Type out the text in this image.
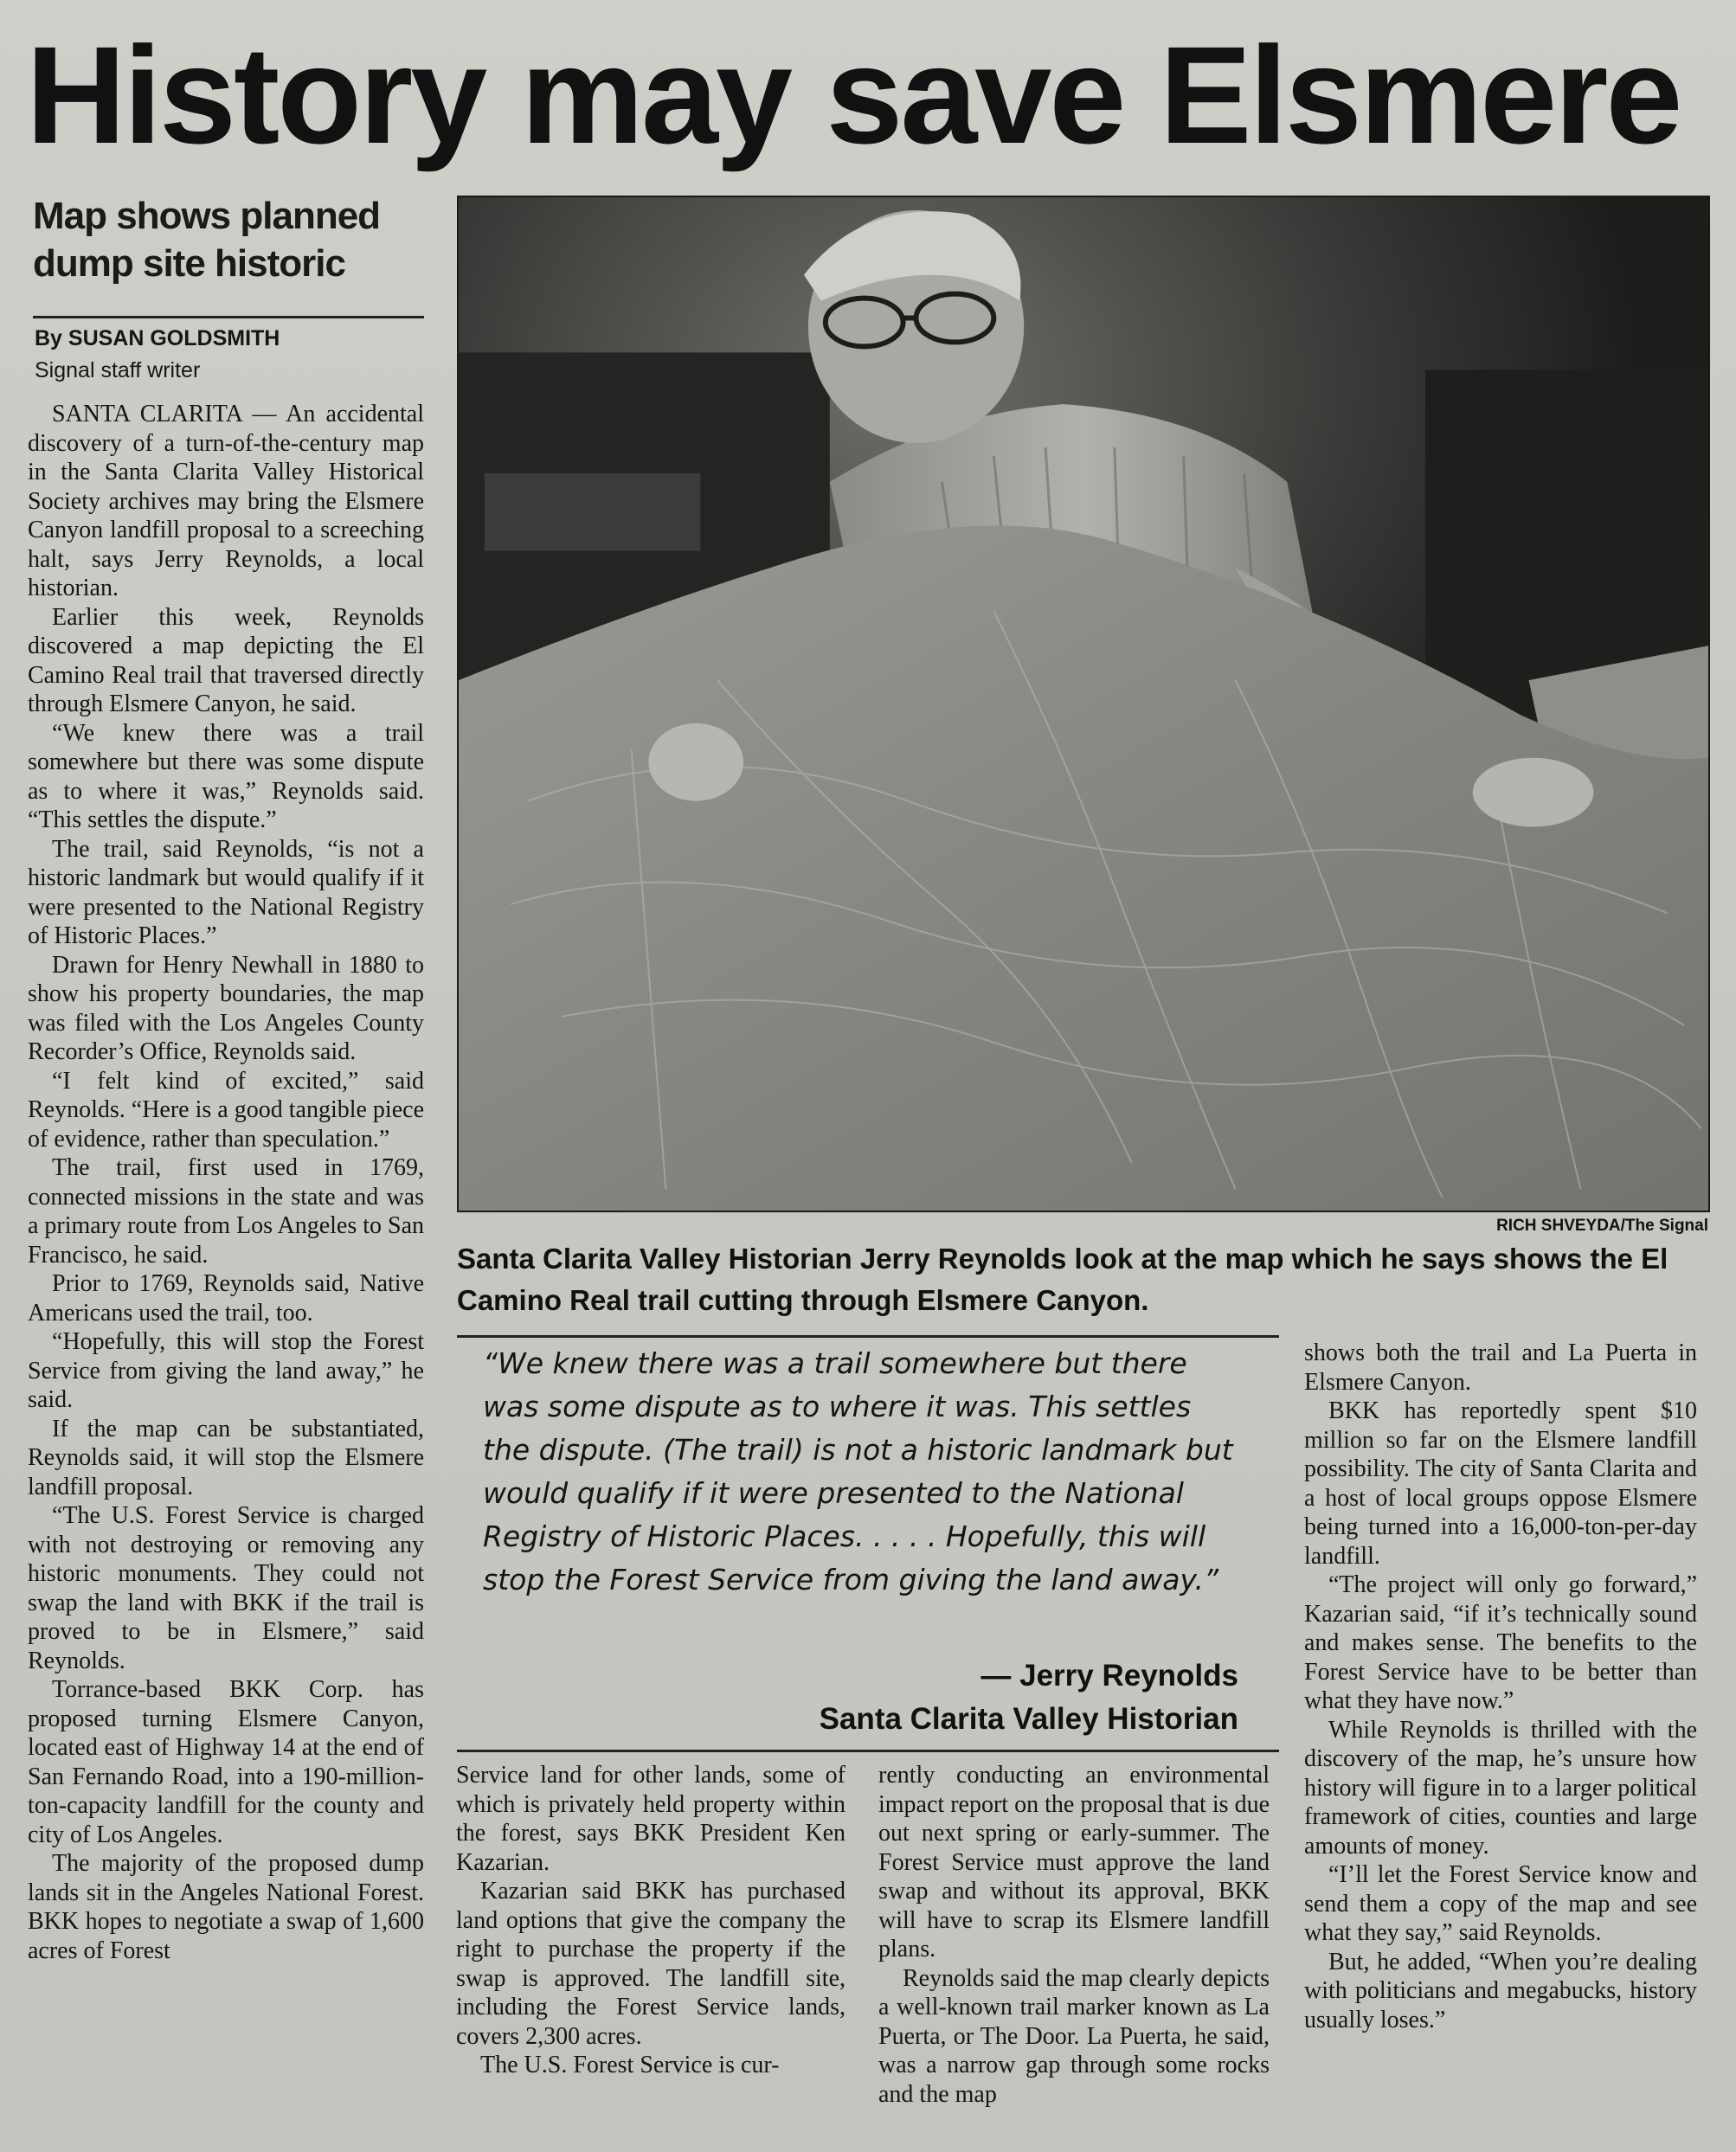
History may save Elsmere
Map shows planned dump site historic
By SUSAN GOLDSMITH
Signal staff writer

SANTA CLARITA — An accidental discovery of a turn-of-the-century map in the Santa Clarita Valley Historical Society archives may bring the Elsmere Canyon landfill proposal to a screeching halt, says Jerry Reynolds, a local historian.

Earlier this week, Reynolds discovered a map depicting the El Camino Real trail that traversed directly through Elsmere Canyon, he said.

“We knew there was a trail somewhere but there was some dispute as to where it was,” Reynolds said. “This settles the dispute.”

The trail, said Reynolds, “is not a historic landmark but would qualify if it were presented to the National Registry of Historic Places.”

Drawn for Henry Newhall in 1880 to show his property boundaries, the map was filed with the Los Angeles County Recorder’s Office, Reynolds said.

“I felt kind of excited,” said Reynolds. “Here is a good tangible piece of evidence, rather than speculation.”

The trail, first used in 1769, connected missions in the state and was a primary route from Los Angeles to San Francisco, he said.

Prior to 1769, Reynolds said, Native Americans used the trail, too.

“Hopefully, this will stop the Forest Service from giving the land away,” he said.

If the map can be substantiated, Reynolds said, it will stop the Elsmere landfill proposal.

“The U.S. Forest Service is charged with not destroying or removing any historic monuments. They could not swap the land with BKK if the trail is proved to be in Elsmere,” said Reynolds.

Torrance-based BKK Corp. has proposed turning Elsmere Canyon, located east of Highway 14 at the end of San Fernando Road, into a 190-million-ton-capacity landfill for the county and city of Los Angeles.

The majority of the proposed dump lands sit in the Angeles National Forest. BKK hopes to negotiate a swap of 1,600 acres of Forest

RICH SHVEYDA/The Signal

Santa Clarita Valley Historian Jerry Reynolds look at the map which he says shows the El Camino Real trail cutting through Elsmere Canyon.

“We knew there was a trail somewhere but there was some dispute as to where it was. This settles the dispute. (The trail) is not a historic landmark but would qualify if it were presented to the National Registry of Historic Places. . . . . Hopefully, this will stop the Forest Service from giving the land away.”

— Jerry Reynolds
Santa Clarita Valley Historian

Service land for other lands, some of which is privately held property within the forest, says BKK President Ken Kazarian.

Kazarian said BKK has purchased land options that give the company the right to purchase the property if the swap is approved. The landfill site, including the Forest Service lands, covers 2,300 acres.

The U.S. Forest Service is cur-

rently conducting an environmental impact report on the proposal that is due out next spring or early-summer. The Forest Service must approve the land swap and without its approval, BKK will have to scrap its Elsmere landfill plans.

Reynolds said the map clearly depicts a well-known trail marker known as La Puerta, or The Door. La Puerta, he said, was a narrow gap through some rocks and the map

shows both the trail and La Puerta in Elsmere Canyon.

BKK has reportedly spent $10 million so far on the Elsmere landfill possibility. The city of Santa Clarita and a host of local groups oppose Elsmere being turned into a 16,000-ton-per-day landfill.

“The project will only go forward,” Kazarian said, “if it’s technically sound and makes sense. The benefits to the Forest Service have to be better than what they have now.”

While Reynolds is thrilled with the discovery of the map, he’s unsure how history will figure in to a larger political framework of cities, counties and large amounts of money.

“I’ll let the Forest Service know and send them a copy of the map and see what they say,” said Reynolds.

But, he added, “When you’re dealing with politicians and megabucks, history usually loses.”
